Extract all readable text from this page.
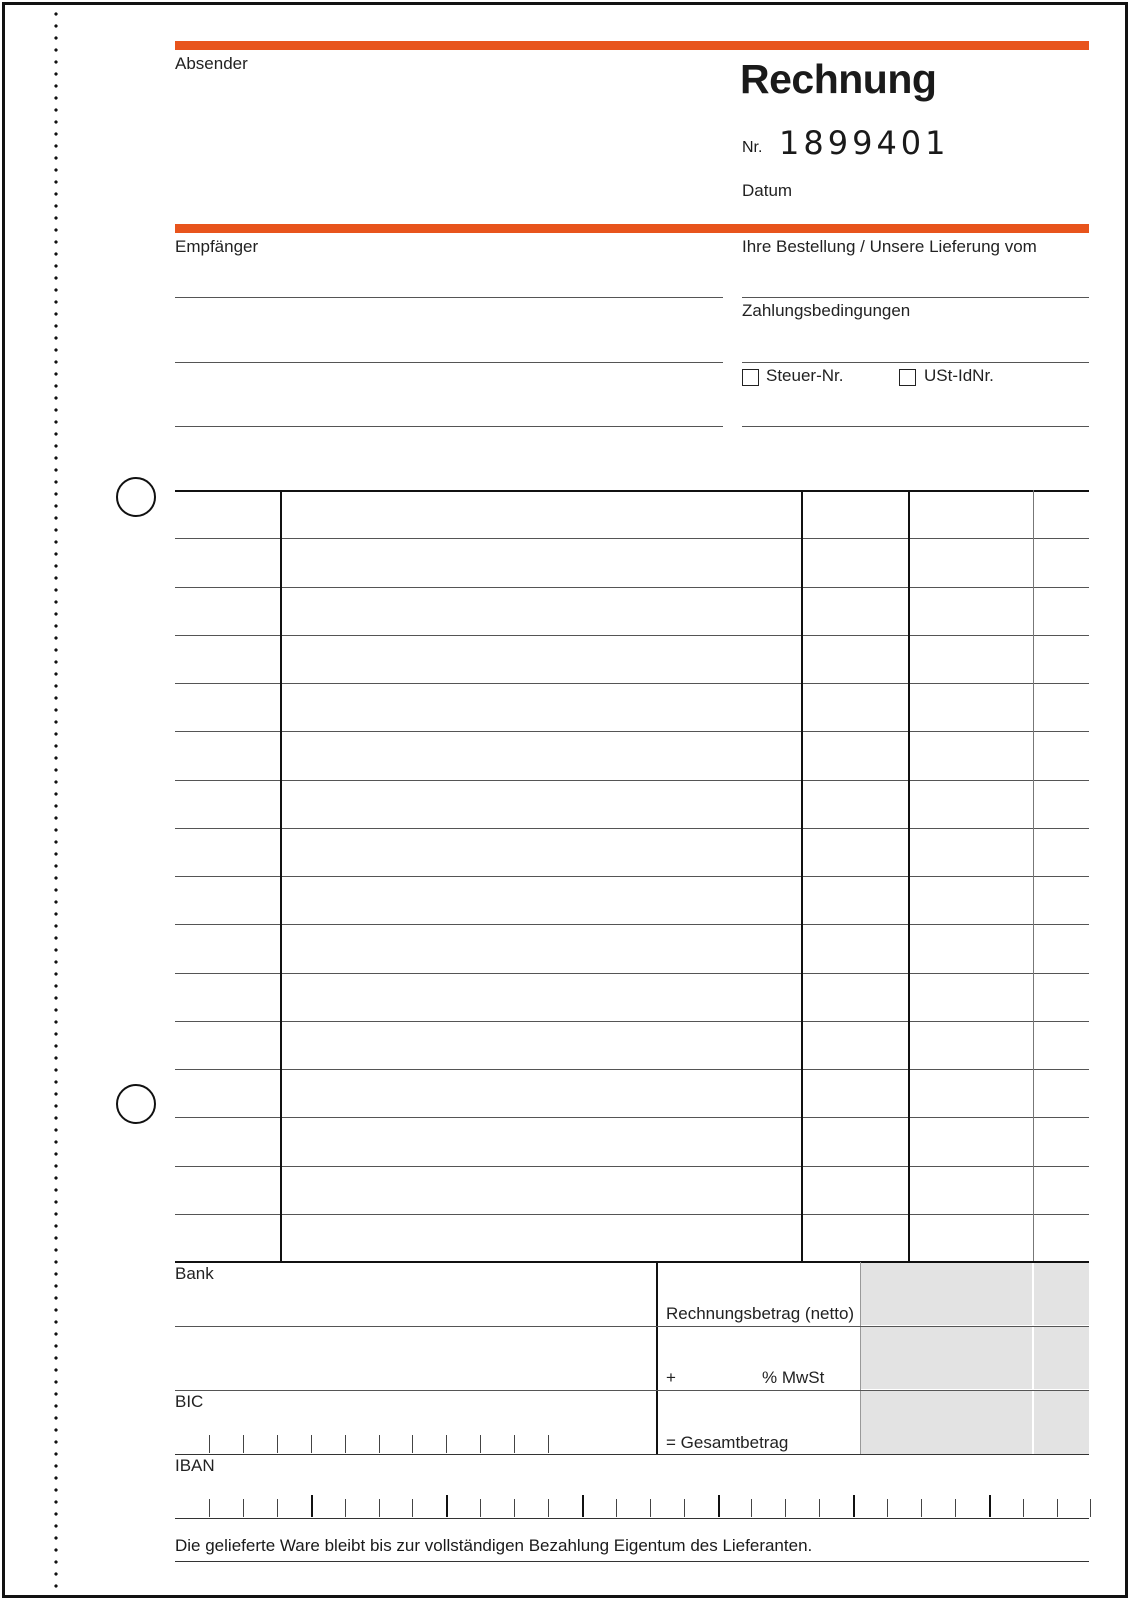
Absender	Rechnung
Nr. 1899401
Datum
Empfänger	Ihre Bestellung / Unsere Lieferung vom
Zahlungsbedingungen
Steuer-Nr.	USt-IdNr.
Bank
Rechnungsbetrag (netto)
+	% MwSt
BIC
= Gesamtbetrag
IBAN
Die gelieferte Ware bleibt bis zur vollständigen Bezahlung Eigentum des Lieferanten.
